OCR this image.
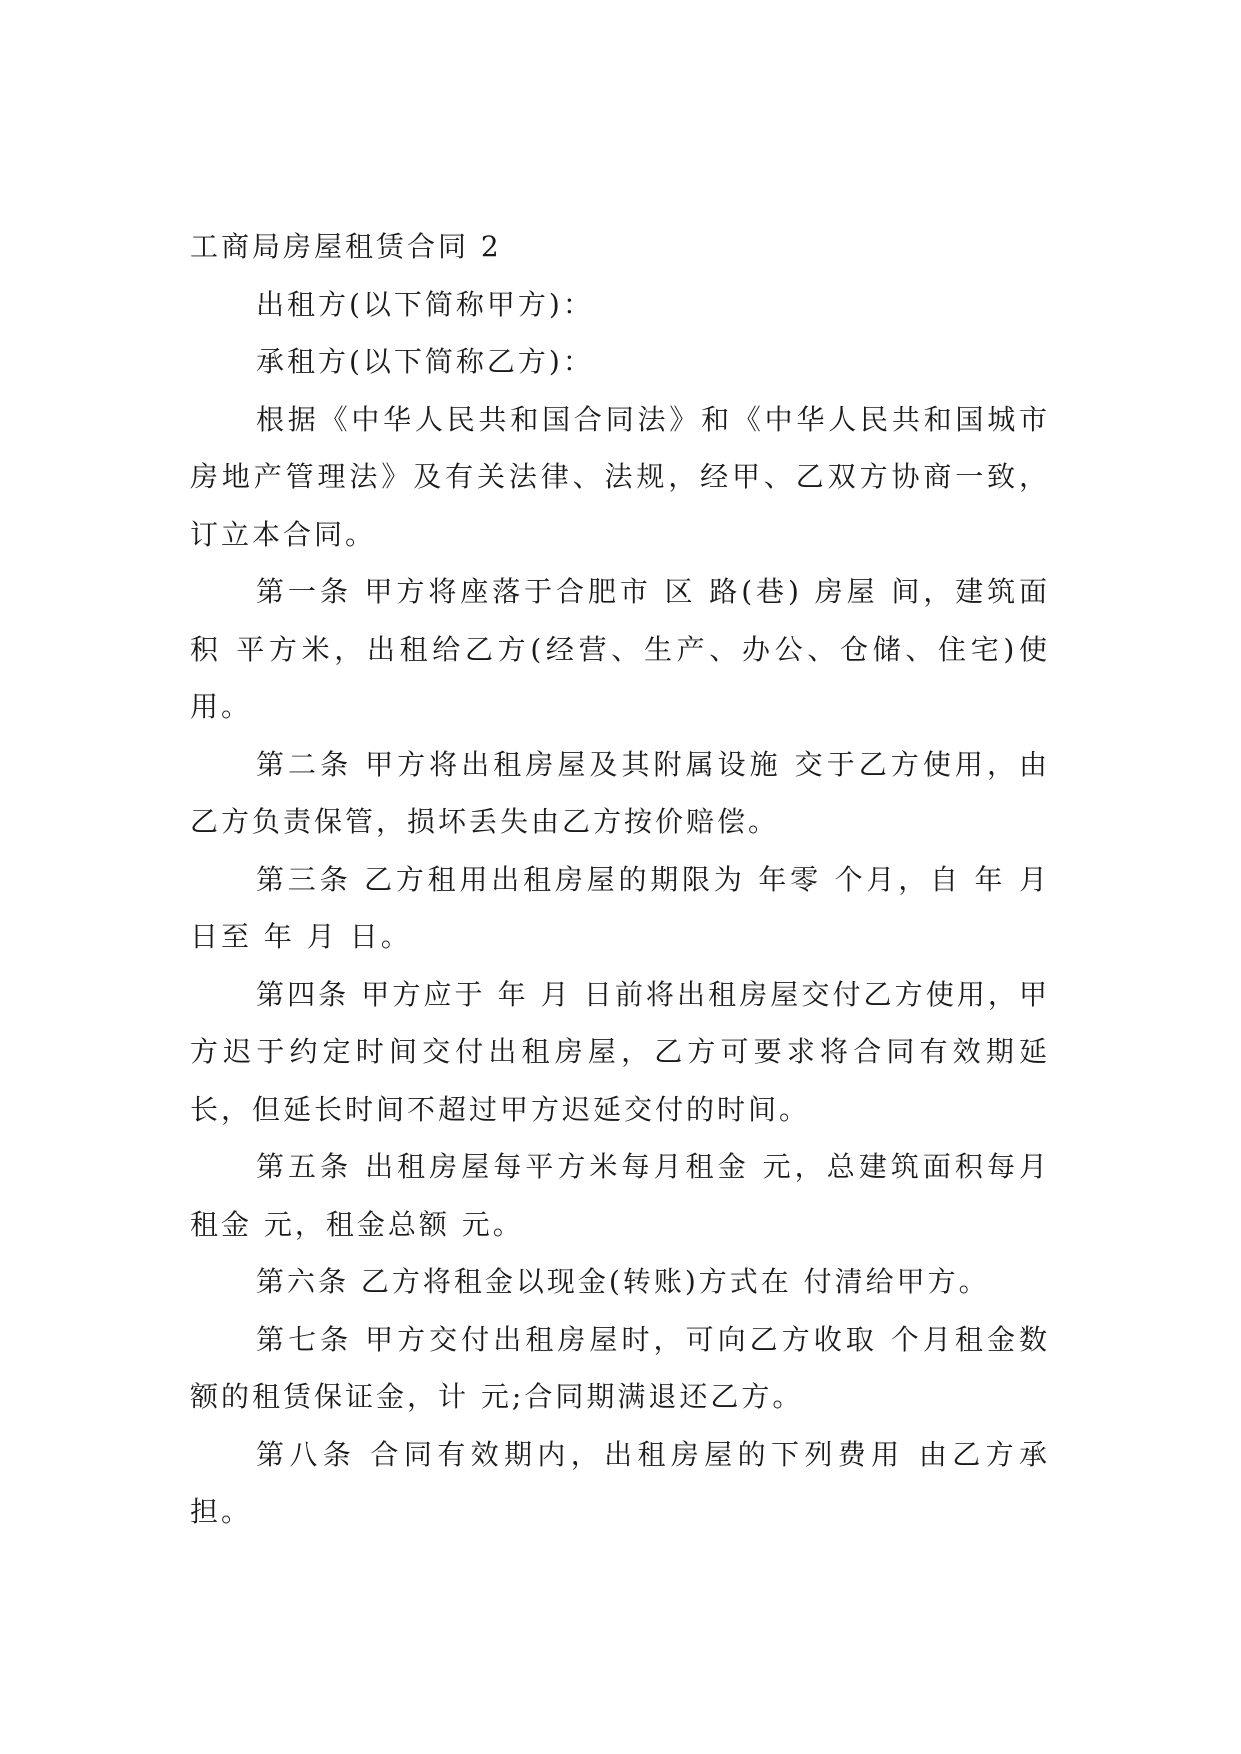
工商局房屋租赁合同 2

出租方(以下简称甲方)：

承租方(以下简称乙方)：

根据《中华人民共和国合同法》和《中华人民共和国城市房地产管理法》及有关法律、法规，经甲、乙双方协商一致，订立本合同。

第一条 甲方将座落于合肥市 区 路(巷) 房屋 间，建筑面积 平方米，出租给乙方(经营、生产、办公、仓储、住宅)使用。

第二条 甲方将出租房屋及其附属设施 交于乙方使用，由乙方负责保管，损坏丢失由乙方按价赔偿。

第三条 乙方租用出租房屋的期限为 年零 个月，自 年 月 日至 年 月 日。

第四条 甲方应于 年 月 日前将出租房屋交付乙方使用，甲方迟于约定时间交付出租房屋，乙方可要求将合同有效期延长，但延长时间不超过甲方迟延交付的时间。

第五条 出租房屋每平方米每月租金 元，总建筑面积每月租金 元，租金总额 元。

第六条 乙方将租金以现金(转账)方式在 付清给甲方。

第七条 甲方交付出租房屋时，可向乙方收取 个月租金数额的租赁保证金，计 元;合同期满退还乙方。

第八条 合同有效期内，出租房屋的下列费用 由乙方承担。
